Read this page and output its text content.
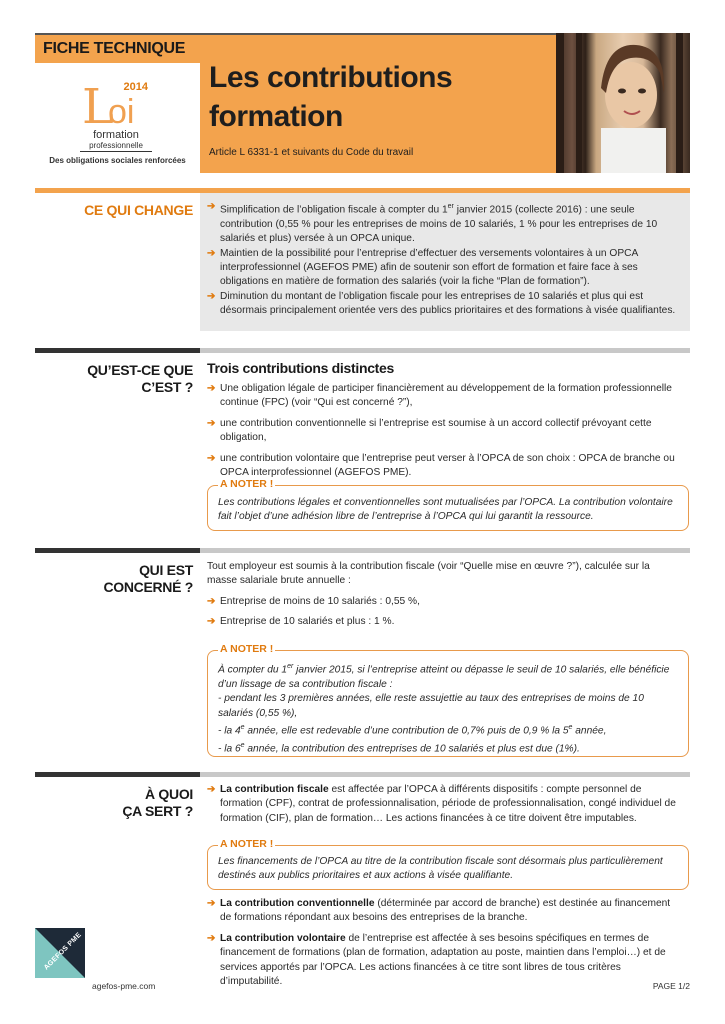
FICHE TECHNIQUE
2014
L
oi
formation
professionnelle
Des obligations sociales renforcées
Les contributions
formation
Article L 6331-1 et suivants du Code du travail
CE QUI CHANGE ➔ Simplification de l’obligation fiscale à compter du 1er janvier 2015 (collecte 2016) : une seule contribution (0,55 % pour les entreprises de moins de 10 salariés, 1 % pour les entreprises de 10 salariés et plus) versée à un OPCA unique.
➔ Maintien de la possibilité pour l’entreprise d’effectuer des versements volontaires à un OPCA interprofessionnel (AGEFOS PME) afin de soutenir son effort de formation et faire face à ses obligations en matière de formation des salariés (voir la fiche “Plan de formation”).
➔ Diminution du montant de l’obligation fiscale pour les entreprises de 10 salariés et plus qui est désormais principalement orientée vers des publics prioritaires et des formations à visée qualifiantes.
QU’EST-CE QUE
C’EST ?
Trois contributions distinctes
➔ Une obligation légale de participer financièrement au développement de la formation professionnelle continue (FPC) (voir “Qui est concerné ?”),
➔ une contribution conventionnelle si l’entreprise est soumise à un accord collectif prévoyant cette obligation,
➔ une contribution volontaire que l’entreprise peut verser à l’OPCA de son choix : OPCA de branche ou OPCA interprofessionnel (AGEFOS PME).
A NOTER !
Les contributions légales et conventionnelles sont mutualisées par l’OPCA. La contribution volontaire fait l’objet d’une adhésion libre de l’entreprise à l’OPCA qui lui garantit la ressource.
QUI EST
CONCERNÉ ?
Tout employeur est soumis à la contribution fiscale (voir “Quelle mise en œuvre ?”), calculée sur la masse salariale brute annuelle :
➔ Entreprise de moins de 10 salariés : 0,55 %,
➔ Entreprise de 10 salariés et plus : 1 %.
A NOTER !
À compter du 1er janvier 2015, si l’entreprise atteint ou dépasse le seuil de 10 salariés, elle bénéficie d’un lissage de sa contribution fiscale :
- pendant les 3 premières années, elle reste assujettie au taux des entreprises de moins de 10 salariés (0,55 %),
- la 4e année, elle est redevable d’une contribution de 0,7% puis de 0,9 % la 5e année,
- la 6e année, la contribution des entreprises de 10 salariés et plus est due (1%).
À QUOI
ÇA SERT ?
➔ La contribution fiscale est affectée par l’OPCA à différents dispositifs : compte personnel de formation (CPF), contrat de professionnalisation, période de professionnalisation, congé individuel de formation (CIF), plan de formation… Les actions financées à ce titre doivent être imputables.
A NOTER !
Les financements de l’OPCA au titre de la contribution fiscale sont désormais plus particulièrement destinés aux publics prioritaires et aux actions à visée qualifiante.
➔ La contribution conventionnelle (déterminée par accord de branche) est destinée au financement de formations répondant aux besoins des entreprises de la branche.
➔ La contribution volontaire de l’entreprise est affectée à ses besoins spécifiques en termes de financement de formations (plan de formation, adaptation au poste, maintien dans l’emploi…) et de services apportés par l’OPCA. Les actions financées à ce titre sont libres de tous critères d’imputabilité.
AGEFOS PME
agefos-pme.com	PAGE 1/2
